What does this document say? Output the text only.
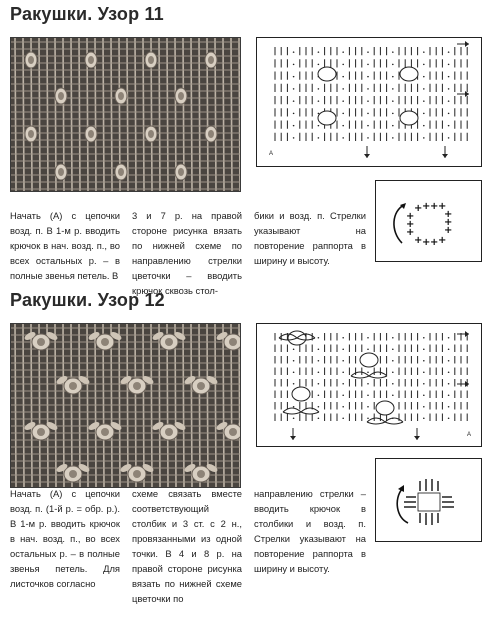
Ракушки. Узор 11
A
+ + + +
+
+
+
+
+
+
+ + + +

Начать (А) с цепочки возд. п. В 1-м р. вводить крючок в нач. возд. п., во всех остальных р. – в полные звенья петель. В

3 и 7 р. на правой стороне рисунка вязать по нижней схеме по направлению стрелки цветочки – вводить крючок сквозь стол-

бики и возд. п. Стрелки указывают на повторение раппорта в ширину и высоту.

Ракушки. Узор 12
A

Начать (А) с цепочки возд. п. (1-й р. = обр. р.). В 1-м р. вводить крючок в нач. возд. п., во всех остальных р. – в полные звенья петель. Для листочков согласно

схеме связать вместе соответствующий столбик и 3 ст. с 2 н., провязанными из одной точки. В 4 и 8 р. на правой стороне рисунка вязать по нижней схеме цветочки по

направлению стрелки – вводить крючок в столбики и возд. п. Стрелки указывают на повторение раппорта в ширину и высоту.
